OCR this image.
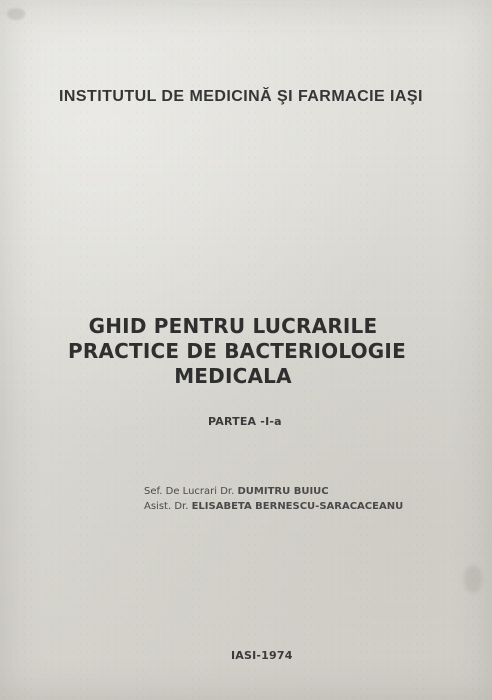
INSTITUTUL DE MEDICINĂ ŞI FARMACIE IAŞI
GHID PENTRU LUCRARILE
PRACTICE DE BACTERIOLOGIE
MEDICALA
PARTEA -I-a
Sef. De Lucrari Dr. DUMITRU BUIUC
Asist. Dr. ELISABETA BERNESCU-SARACACEANU
IASI-1974
